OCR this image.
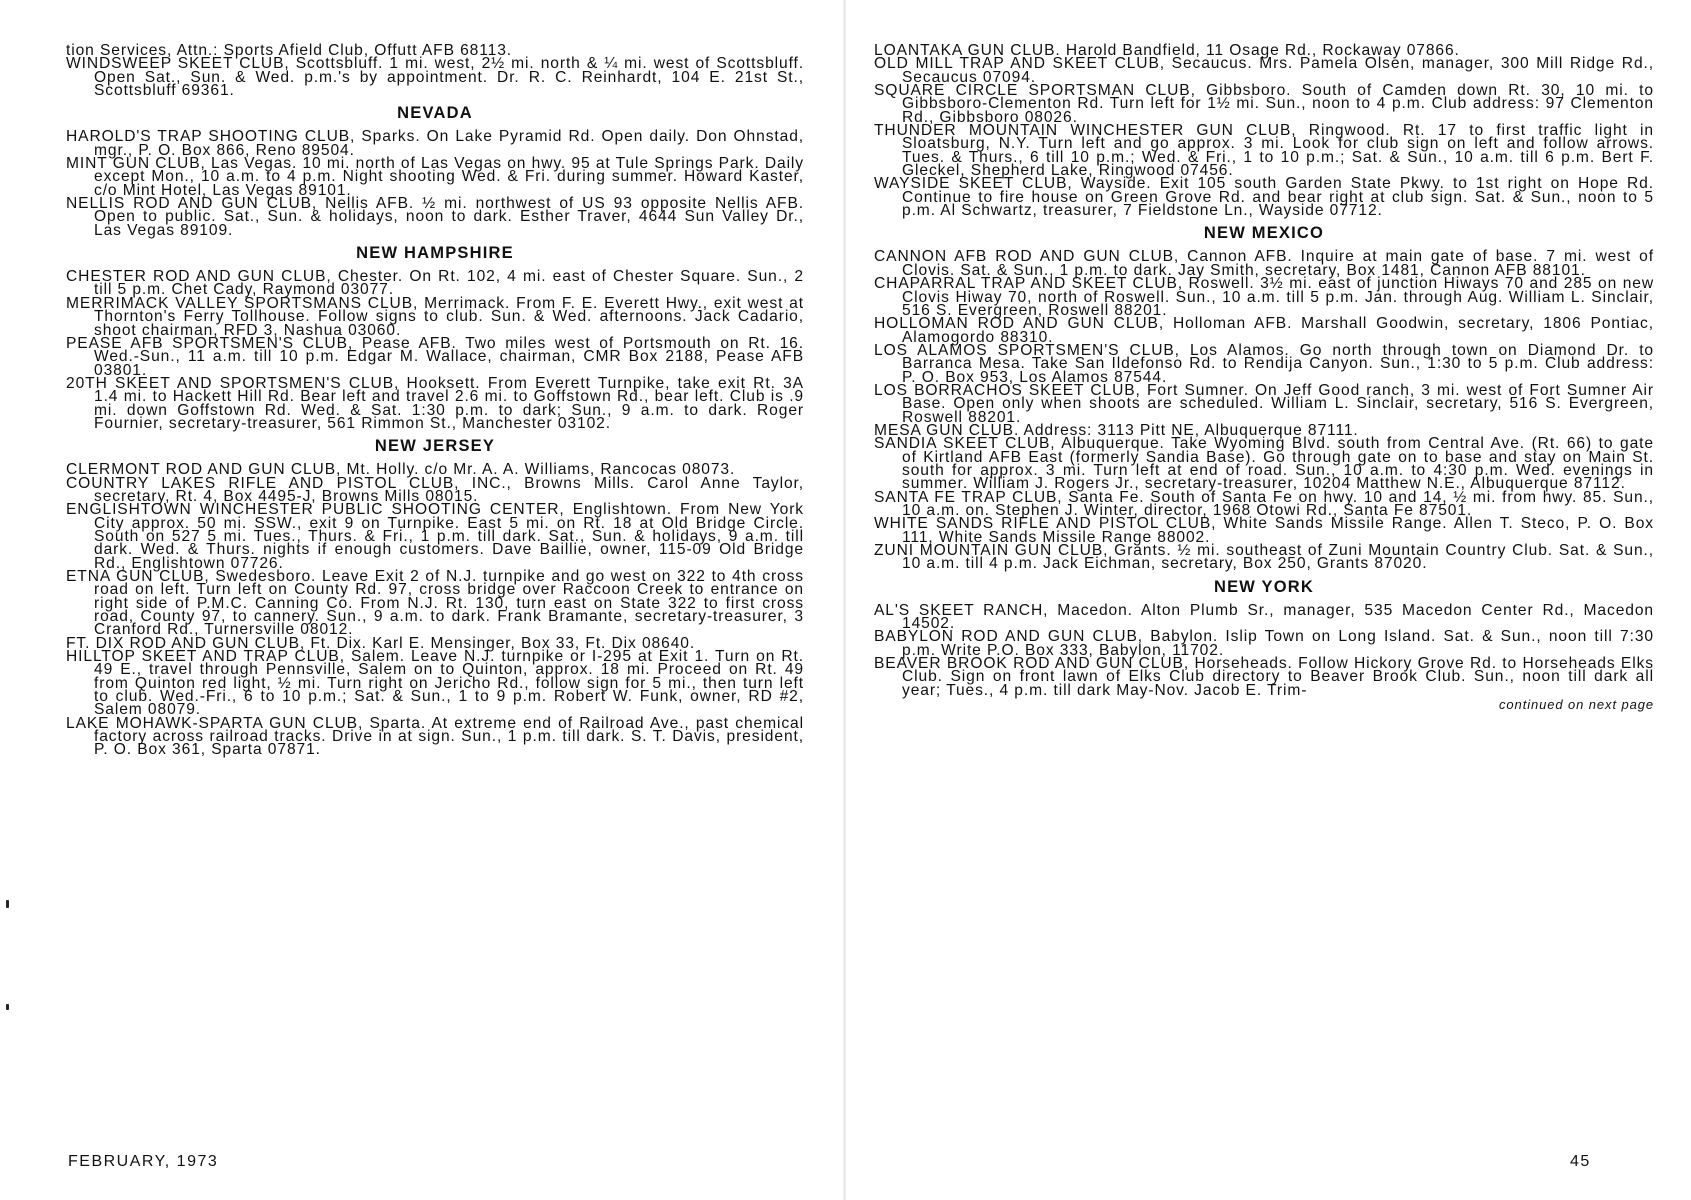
tion Services, Attn.: Sports Afield Club, Offutt AFB 68113.

WINDSWEEP SKEET CLUB, Scottsbluff. 1 mi. west, 2½ mi. north & ¼ mi. west of Scottsbluff. Open Sat., Sun. & Wed. p.m.'s by appointment. Dr. R. C. Reinhardt, 104 E. 21st St., Scottsbluff 69361.

NEVADA

HAROLD'S TRAP SHOOTING CLUB, Sparks. On Lake Pyramid Rd. Open daily. Don Ohnstad, mgr., P. O. Box 866, Reno 89504.

MINT GUN CLUB, Las Vegas. 10 mi. north of Las Vegas on hwy. 95 at Tule Springs Park. Daily except Mon., 10 a.m. to 4 p.m. Night shooting Wed. & Fri. during summer. Howard Kaster, c/o Mint Hotel, Las Vegas 89101.

NELLIS ROD AND GUN CLUB, Nellis AFB. ½ mi. northwest of US 93 opposite Nellis AFB. Open to public. Sat., Sun. & holidays, noon to dark. Esther Traver, 4644 Sun Valley Dr., Las Vegas 89109.

NEW HAMPSHIRE

CHESTER ROD AND GUN CLUB, Chester. On Rt. 102, 4 mi. east of Chester Square. Sun., 2 till 5 p.m. Chet Cady, Raymond 03077.

MERRIMACK VALLEY SPORTSMANS CLUB, Merrimack. From F. E. Everett Hwy., exit west at Thornton's Ferry Tollhouse. Follow signs to club. Sun. & Wed. afternoons. Jack Cadario, shoot chairman, RFD 3, Nashua 03060.

PEASE AFB SPORTSMEN'S CLUB, Pease AFB. Two miles west of Portsmouth on Rt. 16. Wed.-Sun., 11 a.m. till 10 p.m. Edgar M. Wallace, chairman, CMR Box 2188, Pease AFB 03801.

20TH SKEET AND SPORTSMEN'S CLUB, Hooksett. From Everett Turnpike, take exit Rt. 3A 1.4 mi. to Hackett Hill Rd. Bear left and travel 2.6 mi. to Goffstown Rd., bear left. Club is .9 mi. down Goffstown Rd. Wed. & Sat. 1:30 p.m. to dark; Sun., 9 a.m. to dark. Roger Fournier, secretary-treasurer, 561 Rimmon St., Manchester 03102.

NEW JERSEY

CLERMONT ROD AND GUN CLUB, Mt. Holly. c/o Mr. A. A. Williams, Rancocas 08073.

COUNTRY LAKES RIFLE AND PISTOL CLUB, INC., Browns Mills. Carol Anne Taylor, secretary, Rt. 4, Box 4495-J, Browns Mills 08015.

ENGLISHTOWN WINCHESTER PUBLIC SHOOTING CENTER, Englishtown. From New York City approx. 50 mi. SSW., exit 9 on Turnpike. East 5 mi. on Rt. 18 at Old Bridge Circle. South on 527 5 mi. Tues., Thurs. & Fri., 1 p.m. till dark. Sat., Sun. & holidays, 9 a.m. till dark. Wed. & Thurs. nights if enough customers. Dave Baillie, owner, 115-09 Old Bridge Rd., Englishtown 07726.

ETNA GUN CLUB, Swedesboro. Leave Exit 2 of N.J. turnpike and go west on 322 to 4th cross road on left. Turn left on County Rd. 97, cross bridge over Raccoon Creek to entrance on right side of P.M.C. Canning Co. From N.J. Rt. 130, turn east on State 322 to first cross road, County 97, to cannery. Sun., 9 a.m. to dark. Frank Bramante, secretary-treasurer, 3 Cranford Rd., Turnersville 08012.

FT. DIX ROD AND GUN CLUB, Ft. Dix. Karl E. Mensinger, Box 33, Ft. Dix 08640.

HILLTOP SKEET AND TRAP CLUB, Salem. Leave N.J. turnpike or I-295 at Exit 1. Turn on Rt. 49 E., travel through Pennsville, Salem on to Quinton, approx. 18 mi. Proceed on Rt. 49 from Quinton red light, ½ mi. Turn right on Jericho Rd., follow sign for 5 mi., then turn left to club. Wed.-Fri., 6 to 10 p.m.; Sat. & Sun., 1 to 9 p.m. Robert W. Funk, owner, RD #2, Salem 08079.

LAKE MOHAWK-SPARTA GUN CLUB, Sparta. At extreme end of Railroad Ave., past chemical factory across railroad tracks. Drive in at sign. Sun., 1 p.m. till dark. S. T. Davis, president, P. O. Box 361, Sparta 07871.

FEBRUARY, 1973

LOANTAKA GUN CLUB. Harold Bandfield, 11 Osage Rd., Rockaway 07866.

OLD MILL TRAP AND SKEET CLUB, Secaucus. Mrs. Pamela Olsen, manager, 300 Mill Ridge Rd., Secaucus 07094.

SQUARE CIRCLE SPORTSMAN CLUB, Gibbsboro. South of Camden down Rt. 30, 10 mi. to Gibbsboro-Clementon Rd. Turn left for 1½ mi. Sun., noon to 4 p.m. Club address: 97 Clementon Rd., Gibbsboro 08026.

THUNDER MOUNTAIN WINCHESTER GUN CLUB, Ringwood. Rt. 17 to first traffic light in Sloatsburg, N.Y. Turn left and go approx. 3 mi. Look for club sign on left and follow arrows. Tues. & Thurs., 6 till 10 p.m.; Wed. & Fri., 1 to 10 p.m.; Sat. & Sun., 10 a.m. till 6 p.m. Bert F. Gleckel, Shepherd Lake, Ringwood 07456.

WAYSIDE SKEET CLUB, Wayside. Exit 105 south Garden State Pkwy. to 1st right on Hope Rd. Continue to fire house on Green Grove Rd. and bear right at club sign. Sat. & Sun., noon to 5 p.m. Al Schwartz, treasurer, 7 Fieldstone Ln., Wayside 07712.

NEW MEXICO

CANNON AFB ROD AND GUN CLUB, Cannon AFB. Inquire at main gate of base. 7 mi. west of Clovis. Sat. & Sun., 1 p.m. to dark. Jay Smith, secretary, Box 1481, Cannon AFB 88101.

CHAPARRAL TRAP AND SKEET CLUB, Roswell. 3½ mi. east of junction Hiways 70 and 285 on new Clovis Hiway 70, north of Roswell. Sun., 10 a.m. till 5 p.m. Jan. through Aug. William L. Sinclair, 516 S. Evergreen, Roswell 88201.

HOLLOMAN ROD AND GUN CLUB, Holloman AFB. Marshall Goodwin, secretary, 1806 Pontiac, Alamogordo 88310.

LOS ALAMOS SPORTSMEN'S CLUB, Los Alamos. Go north through town on Diamond Dr. to Barranca Mesa. Take San Ildefonso Rd. to Rendija Canyon. Sun., 1:30 to 5 p.m. Club address: P. O. Box 953, Los Alamos 87544.

LOS BORRACHOS SKEET CLUB, Fort Sumner. On Jeff Good ranch, 3 mi. west of Fort Sumner Air Base. Open only when shoots are scheduled. William L. Sinclair, secretary, 516 S. Evergreen, Roswell 88201.

MESA GUN CLUB. Address: 3113 Pitt NE, Albuquerque 87111.

SANDIA SKEET CLUB, Albuquerque. Take Wyoming Blvd. south from Central Ave. (Rt. 66) to gate of Kirtland AFB East (formerly Sandia Base). Go through gate on to base and stay on Main St. south for approx. 3 mi. Turn left at end of road. Sun., 10 a.m. to 4:30 p.m. Wed. evenings in summer. William J. Rogers Jr., secretary-treasurer, 10204 Matthew N.E., Albuquerque 87112.

SANTA FE TRAP CLUB, Santa Fe. South of Santa Fe on hwy. 10 and 14, ½ mi. from hwy. 85. Sun., 10 a.m. on. Stephen J. Winter, director, 1968 Otowi Rd., Santa Fe 87501.

WHITE SANDS RIFLE AND PISTOL CLUB, White Sands Missile Range. Allen T. Steco, P. O. Box 111, White Sands Missile Range 88002.

ZUNI MOUNTAIN GUN CLUB, Grants. ½ mi. southeast of Zuni Mountain Country Club. Sat. & Sun., 10 a.m. till 4 p.m. Jack Eichman, secretary, Box 250, Grants 87020.

NEW YORK

AL'S SKEET RANCH, Macedon. Alton Plumb Sr., manager, 535 Macedon Center Rd., Macedon 14502.

BABYLON ROD AND GUN CLUB, Babylon. Islip Town on Long Island. Sat. & Sun., noon till 7:30 p.m. Write P.O. Box 333, Babylon, 11702.

BEAVER BROOK ROD AND GUN CLUB, Horseheads. Follow Hickory Grove Rd. to Horseheads Elks Club. Sign on front lawn of Elks Club directory to Beaver Brook Club. Sun., noon till dark all year; Tues., 4 p.m. till dark May-Nov. Jacob E. Trim-

continued on next page
45
